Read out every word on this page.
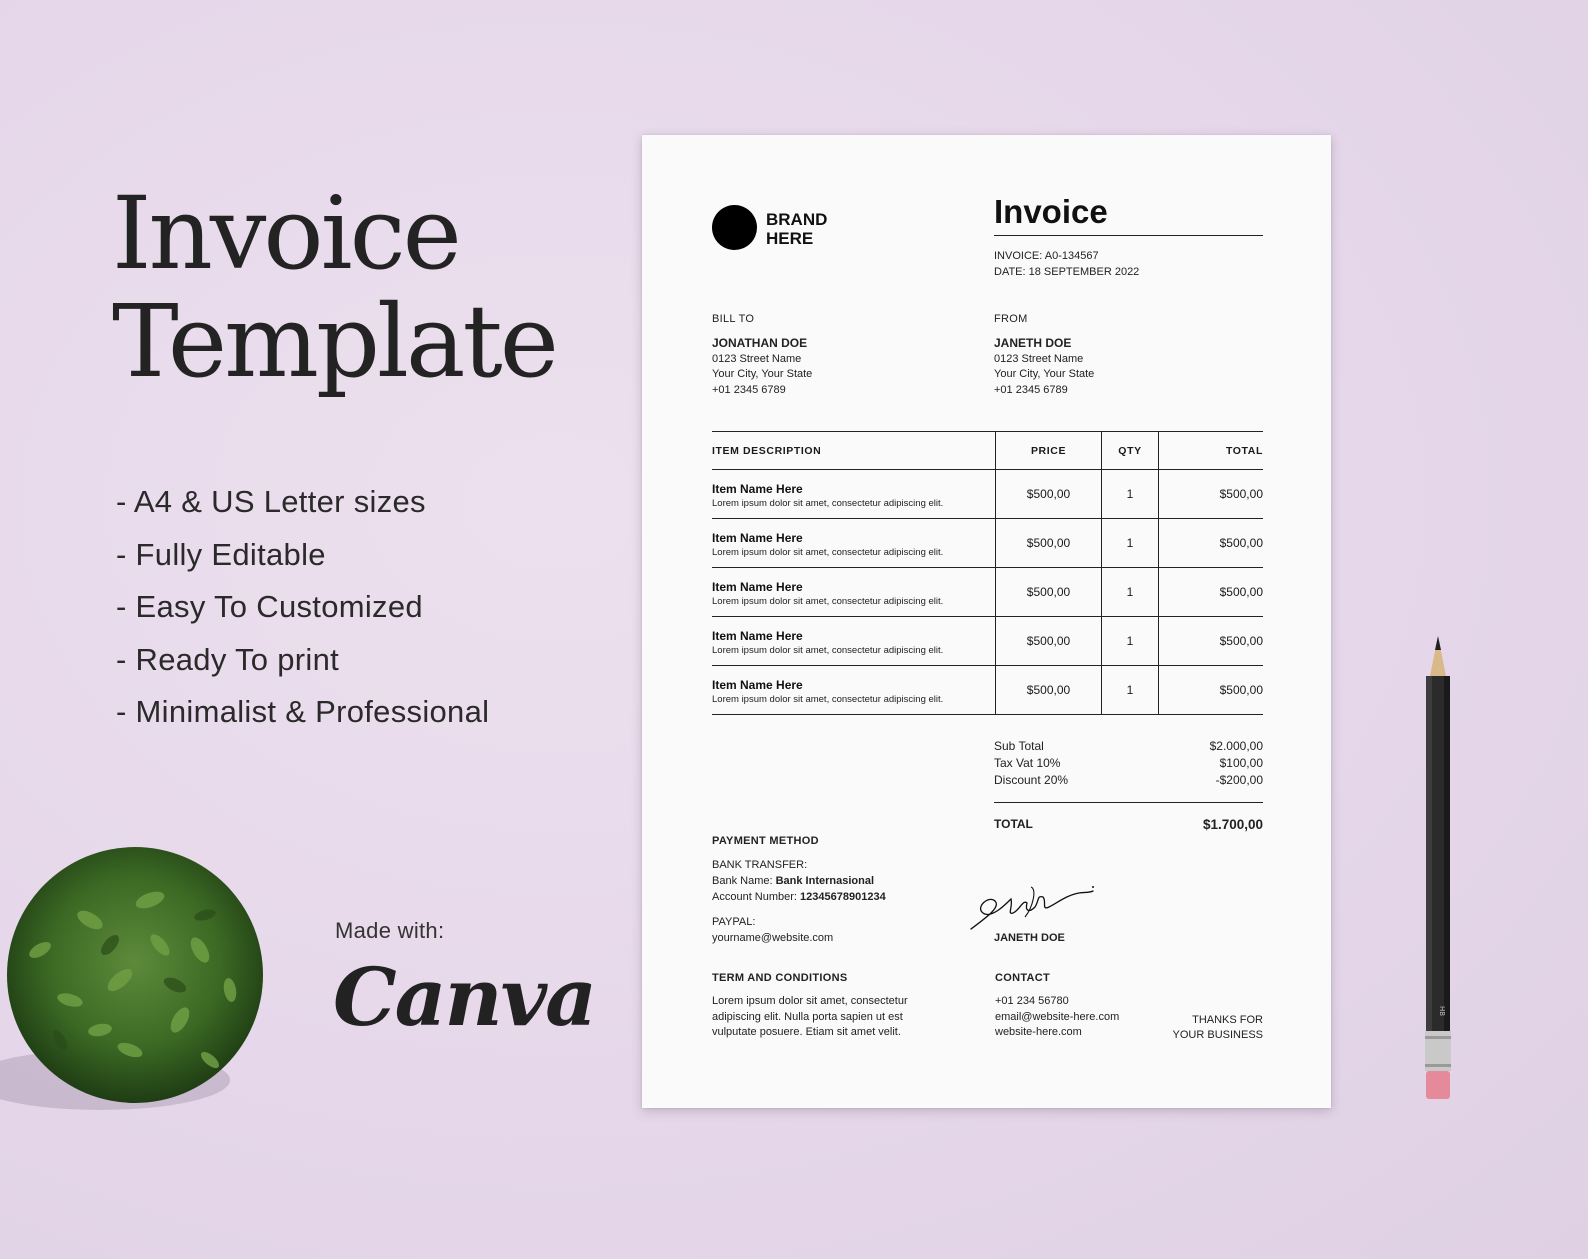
Invoice
Template
- A4 & US Letter sizes
- Fully Editable
- Easy To Customized
- Ready To print
- Minimalist & Professional
Made with:
Canva	HB
BRAND
HERE
Invoice
INVOICE: A0-134567
DATE: 18 SEPTEMBER 2022
BILL TO
JONATHAN DOE
0123 Street Name
Your City, Your State
+01 2345 6789
FROM
JANETH DOE
0123 Street Name
Your City, Your State
+01 2345 6789
ITEM DESCRIPTION	PRICE	QTY	TOTAL
Item Name Here
Lorem ipsum dolor sit amet, consectetur adipiscing elit.
$500,00	1	$500,00
Item Name Here
Lorem ipsum dolor sit amet, consectetur adipiscing elit.
$500,00	1	$500,00
Item Name Here
Lorem ipsum dolor sit amet, consectetur adipiscing elit.
$500,00	1	$500,00
Item Name Here
Lorem ipsum dolor sit amet, consectetur adipiscing elit.
$500,00	1	$500,00
Item Name Here
Lorem ipsum dolor sit amet, consectetur adipiscing elit.
$500,00	1	$500,00
Sub Total	$2.000,00
Tax Vat 10%	$100,00
Discount 20%	-$200,00
TOTAL	$1.700,00
PAYMENT METHOD
BANK TRANSFER:
Bank Name: Bank Internasional
Account Number: 12345678901234
PAYPAL:
yourname@website.com	JANETH DOE
TERM AND CONDITIONS
Lorem ipsum dolor sit amet, consectetur
adipiscing elit. Nulla porta sapien ut est
vulputate posuere. Etiam sit amet velit.
CONTACT
+01 234 56780
email@website-here.com
website-here.com
THANKS FOR
YOUR BUSINESS
